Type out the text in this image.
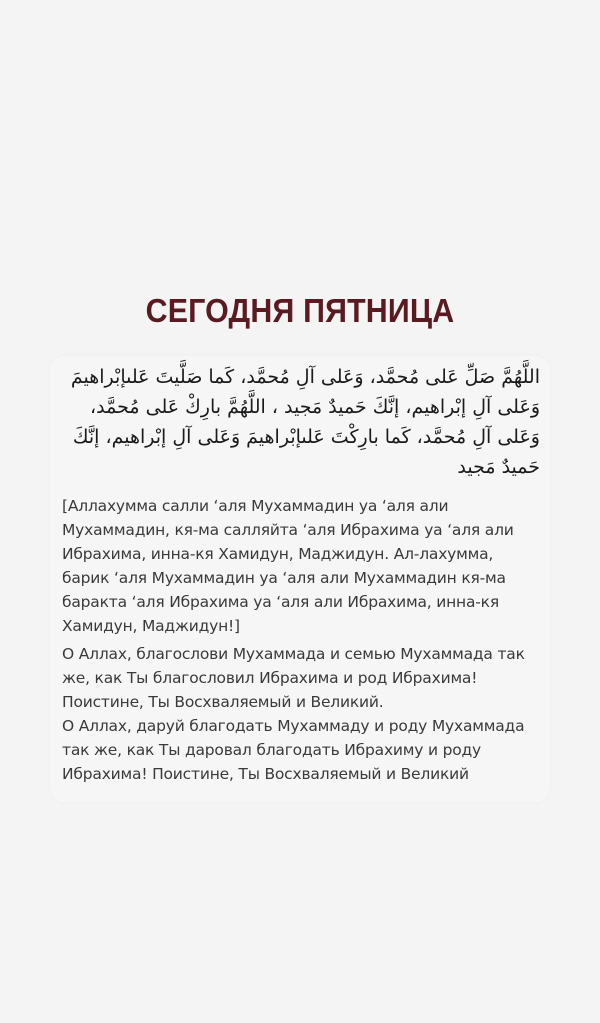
СЕГОДНЯ ПЯТНИЦА
اللَّهُمَّ صَلِّ عَلى مُحمَّد، وَعَلى آلِ مُحمَّد، كَما صَلَّيتَ عَلىإبْراهيمَ وَعَلى آلِ إبْراهيم، إنَّكَ حَميدٌ مَجيد ، اللَّهُمَّ بارِكْ عَلى مُحمَّد، وَعَلى آلِ مُحمَّد، كَما بارِكْتَ عَلىإبْراهيمَ وَعَلى آلِ إبْراهيم، إنَّكَ حَميدٌ مَجيد
[Аллахумма салли ʻаля Мухаммадин уа ʻаля али Мухаммадин, кя-ма салляйта ʻаля Ибрахима уа ʻаля али Ибрахима, инна-кя Хамидун, Маджидун. Ал-лахумма, барик ʻаля Мухаммадин уа ʻаля али Мухаммадин кя-ма баракта ʻаля Ибрахима уа ʻаля али Ибрахима, инна-кя Хамидун, Маджидун!]

О Аллах, благослови Мухаммада и семью Мухаммада так же, как Ты благословил Ибрахима и род Ибрахима! Поистине, Ты Восхваляемый и Великий.

О Аллах, даруй благодать Мухаммаду и роду Мухаммада так же, как Ты даровал благодать Ибрахиму и роду Ибрахима! Поистине, Ты Восхваляемый и Великий
